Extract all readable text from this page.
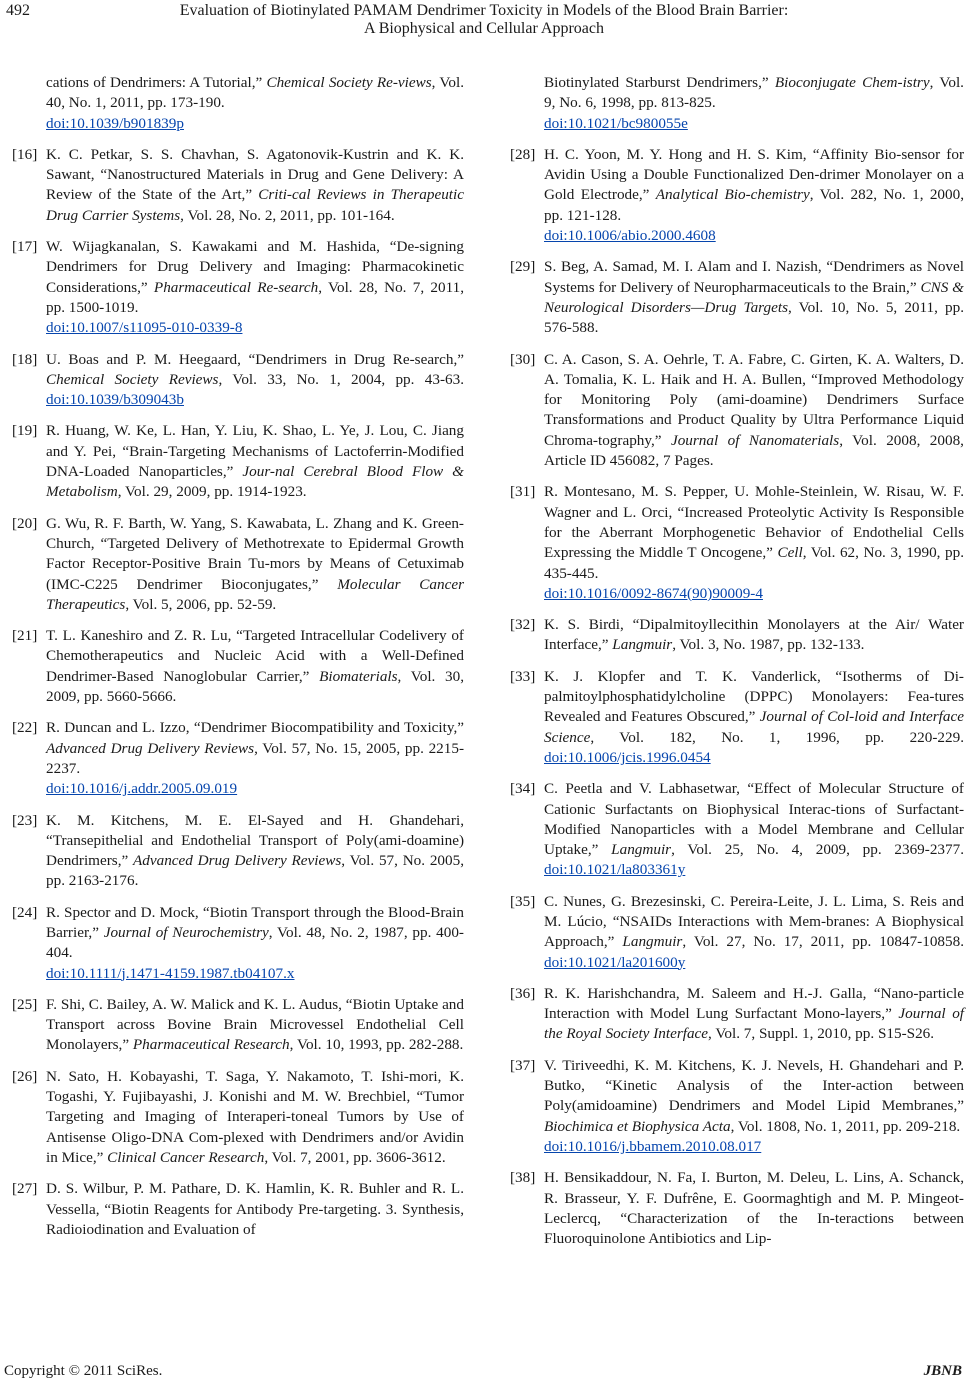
492	Evaluation of Biotinylated PAMAM Dendrimer Toxicity in Models of the Blood Brain Barrier:
A Biophysical and Cellular Approach
cations of Dendrimers: A Tutorial,” Chemical Society Re-views, Vol. 40, No. 1, 2011, pp. 173-190.
doi:10.1039/b901839p
[16] K. C. Petkar, S. S. Chavhan, S. Agatonovik-Kustrin and K. K. Sawant, “Nanostructured Materials in Drug and Gene Delivery: A Review of the State of the Art,” Criti-cal Reviews in Therapeutic Drug Carrier Systems, Vol. 28, No. 2, 2011, pp. 101-164.
[17] W. Wijagkanalan, S. Kawakami and M. Hashida, “De-signing Dendrimers for Drug Delivery and Imaging: Pharmacokinetic Considerations,” Pharmaceutical Re-search, Vol. 28, No. 7, 2011, pp. 1500-1019.
doi:10.1007/s11095-010-0339-8
[18] U. Boas and P. M. Heegaard, “Dendrimers in Drug Re-search,” Chemical Society Reviews, Vol. 33, No. 1, 2004, pp. 43-63. doi:10.1039/b309043b
[19] R. Huang, W. Ke, L. Han, Y. Liu, K. Shao, L. Ye, J. Lou, C. Jiang and Y. Pei, “Brain-Targeting Mechanisms of Lactoferrin-Modified DNA-Loaded Nanoparticles,” Jour-nal Cerebral Blood Flow & Metabolism, Vol. 29, 2009, pp. 1914-1923.
[20] G. Wu, R. F. Barth, W. Yang, S. Kawabata, L. Zhang and K. Green-Church, “Targeted Delivery of Methotrexate to Epidermal Growth Factor Receptor-Positive Brain Tu-mors by Means of Cetuximab (IMC-C225 Dendrimer Bioconjugates,” Molecular Cancer Therapeutics, Vol. 5, 2006, pp. 52-59.
[21] T. L. Kaneshiro and Z. R. Lu, “Targeted Intracellular Codelivery of Chemotherapeutics and Nucleic Acid with a Well-Defined Dendrimer-Based Nanoglobular Carrier,” Biomaterials, Vol. 30, 2009, pp. 5660-5666.
[22] R. Duncan and L. Izzo, “Dendrimer Biocompatibility and Toxicity,” Advanced Drug Delivery Reviews, Vol. 57, No. 15, 2005, pp. 2215-2237.
doi:10.1016/j.addr.2005.09.019
[23] K. M. Kitchens, M. E. El-Sayed and H. Ghandehari, “Transepithelial and Endothelial Transport of Poly(ami-doamine) Dendrimers,” Advanced Drug Delivery Reviews, Vol. 57, No. 2005, pp. 2163-2176.
[24] R. Spector and D. Mock, “Biotin Transport through the Blood-Brain Barrier,” Journal of Neurochemistry, Vol. 48, No. 2, 1987, pp. 400-404.
doi:10.1111/j.1471-4159.1987.tb04107.x
[25] F. Shi, C. Bailey, A. W. Malick and K. L. Audus, “Biotin Uptake and Transport across Bovine Brain Microvessel Endothelial Cell Monolayers,” Pharmaceutical Research, Vol. 10, 1993, pp. 282-288.
[26] N. Sato, H. Kobayashi, T. Saga, Y. Nakamoto, T. Ishi-mori, K. Togashi, Y. Fujibayashi, J. Konishi and M. W. Brechbiel, “Tumor Targeting and Imaging of Interaperi-toneal Tumors by Use of Antisense Oligo-DNA Com-plexed with Dendrimers and/or Avidin in Mice,” Clinical Cancer Research, Vol. 7, 2001, pp. 3606-3612.
[27] D. S. Wilbur, P. M. Pathare, D. K. Hamlin, K. R. Buhler and R. L. Vessella, “Biotin Reagents for Antibody Pre-targeting. 3. Synthesis, Radioiodination and Evaluation of
Biotinylated Starburst Dendrimers,” Bioconjugate Chem-istry, Vol. 9, No. 6, 1998, pp. 813-825.
doi:10.1021/bc980055e
[28] H. C. Yoon, M. Y. Hong and H. S. Kim, “Affinity Bio-sensor for Avidin Using a Double Functionalized Den-drimer Monolayer on a Gold Electrode,” Analytical Bio-chemistry, Vol. 282, No. 1, 2000, pp. 121-128.
doi:10.1006/abio.2000.4608
[29] S. Beg, A. Samad, M. I. Alam and I. Nazish, “Dendrimers as Novel Systems for Delivery of Neuropharmaceuticals to the Brain,” CNS & Neurological Disorders—Drug Targets, Vol. 10, No. 5, 2011, pp. 576-588.
[30] C. A. Cason, S. A. Oehrle, T. A. Fabre, C. Girten, K. A. Walters, D. A. Tomalia, K. L. Haik and H. A. Bullen, “Improved Methodology for Monitoring Poly (ami-doamine) Dendrimers Surface Transformations and Product Quality by Ultra Performance Liquid Chroma-tography,” Journal of Nanomaterials, Vol. 2008, 2008, Article ID 456082, 7 Pages.
[31] R. Montesano, M. S. Pepper, U. Mohle-Steinlein, W. Risau, W. F. Wagner and L. Orci, “Increased Proteolytic Activity Is Responsible for the Aberrant Morphogenetic Behavior of Endothelial Cells Expressing the Middle T Oncogene,” Cell, Vol. 62, No. 3, 1990, pp. 435-445.
doi:10.1016/0092-8674(90)90009-4
[32] K. S. Birdi, “Dipalmitoyllecithin Monolayers at the Air/ Water Interface,” Langmuir, Vol. 3, No. 1987, pp. 132-133.
[33] K. J. Klopfer and T. K. Vanderlick, “Isotherms of Di-palmitoylphosphatidylcholine (DPPC) Monolayers: Fea-tures Revealed and Features Obscured,” Journal of Col-loid and Interface Science, Vol. 182, No. 1, 1996, pp. 220-229. doi:10.1006/jcis.1996.0454
[34] C. Peetla and V. Labhasetwar, “Effect of Molecular Structure of Cationic Surfactants on Biophysical Interac-tions of Surfactant-Modified Nanoparticles with a Model Membrane and Cellular Uptake,” Langmuir, Vol. 25, No. 4, 2009, pp. 2369-2377. doi:10.1021/la803361y
[35] C. Nunes, G. Brezesinski, C. Pereira-Leite, J. L. Lima, S. Reis and M. Lúcio, “NSAIDs Interactions with Mem-branes: A Biophysical Approach,” Langmuir, Vol. 27, No. 17, 2011, pp. 10847-10858. doi:10.1021/la201600y
[36] R. K. Harishchandra, M. Saleem and H.-J. Galla, “Nano-particle Interaction with Model Lung Surfactant Mono-layers,” Journal of the Royal Society Interface, Vol. 7, Suppl. 1, 2010, pp. S15-S26.
[37] V. Tiriveedhi, K. M. Kitchens, K. J. Nevels, H. Ghandehari and P. Butko, “Kinetic Analysis of the Inter-action between Poly(amidoamine) Dendrimers and Model Lipid Membranes,” Biochimica et Biophysica Acta, Vol. 1808, No. 1, 2011, pp. 209-218.
doi:10.1016/j.bbamem.2010.08.017
[38] H. Bensikaddour, N. Fa, I. Burton, M. Deleu, L. Lins, A. Schanck, R. Brasseur, Y. F. Dufrêne, E. Goormaghtigh and M. P. Mingeot-Leclercq, “Characterization of the In-teractions between Fluoroquinolone Antibiotics and Lip-
Copyright © 2011 SciRes.	JBNB
